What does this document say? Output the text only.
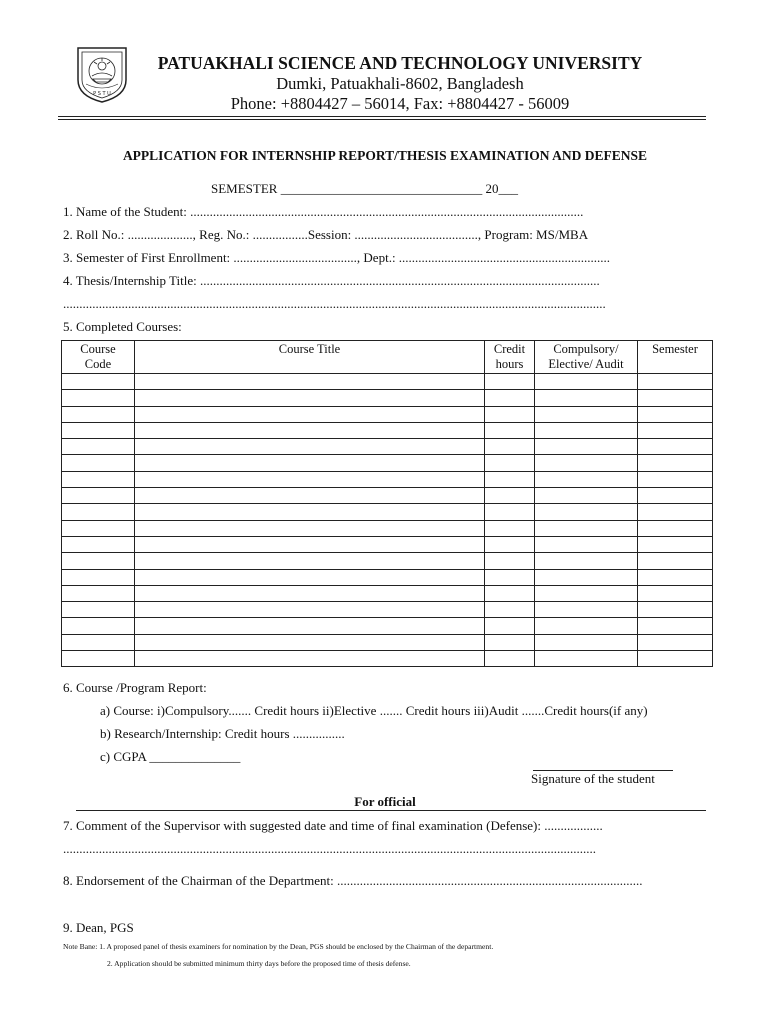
P S T U
PATUAKHALI SCIENCE AND TECHNOLOGY UNIVERSITY
Dumki, Patuakhali-8602, Bangladesh
Phone: +8804427 – 56014, Fax: +8804427 - 56009
APPLICATION FOR INTERNSHIP REPORT/THESIS EXAMINATION AND DEFENSE
SEMESTER _______________________________ 20___
1. Name of the Student: .........................................................................................................................
2. Roll No.: ...................., Reg. No.: .................Session: ......................................, Program: MS/MBA
3. Semester of First Enrollment: ......................................, Dept.: .................................................................
4. Thesis/Internship Title: ...........................................................................................................................
.......................................................................................................................................................................
5. Completed Courses:
Course Code	Course Title	Credit hours	Compulsory/ Elective/ Audit	Semester

6. Course /Program Report:
a) Course: i)Compulsory....... Credit hours ii)Elective ....... Credit hours iii)Audit .......Credit hours(if any)
b) Research/Internship: Credit hours ................
c) CGPA ______________
Signature of the student
For official
7. Comment of the Supervisor with suggested date and time of final examination (Defense): ..................
....................................................................................................................................................................
8. Endorsement of the Chairman of the Department: ..............................................................................................
9. Dean, PGS
Note Bane: 1. A proposed panel of thesis examiners for nomination by the Dean, PGS should be enclosed by the Chairman of the department.
2. Application should be submitted minimum thirty days before the proposed time of thesis defense.
